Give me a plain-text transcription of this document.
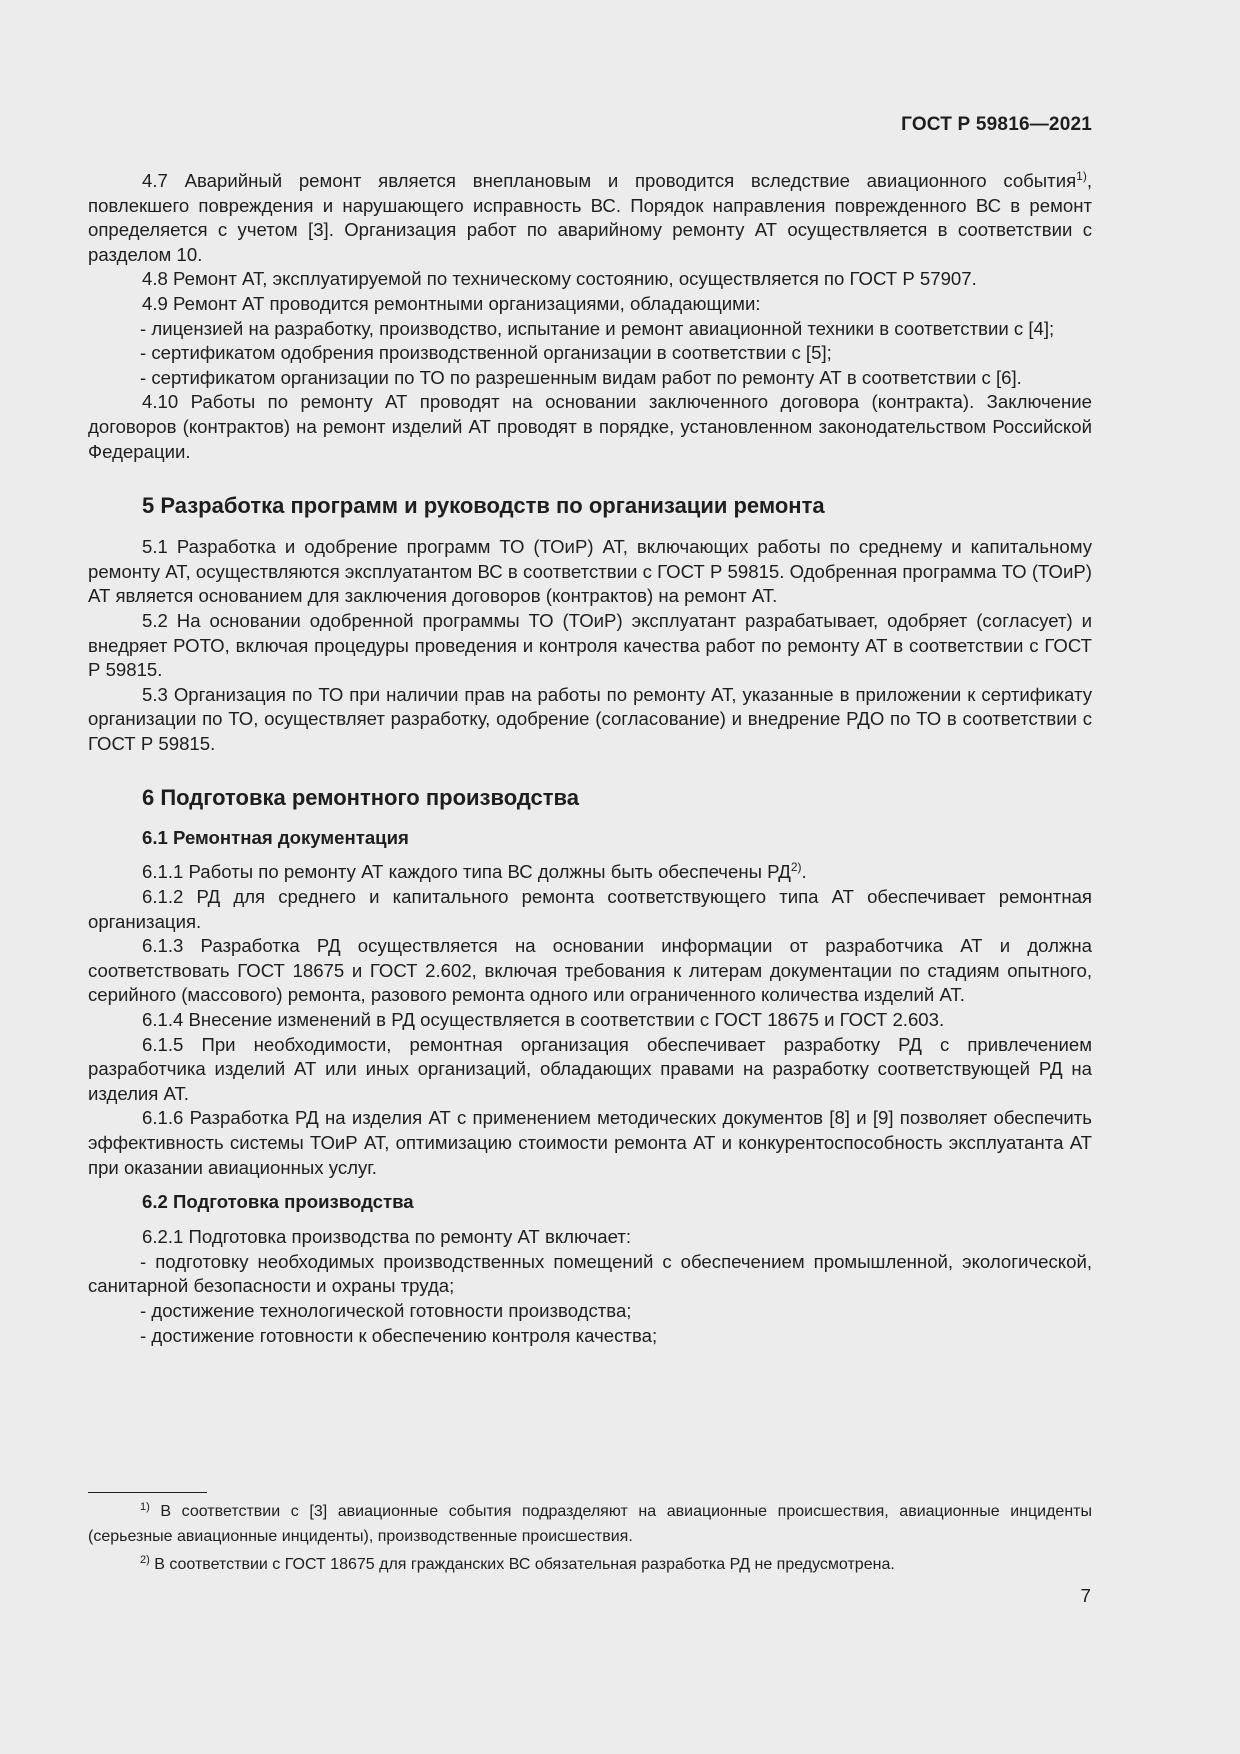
ГОСТ Р 59816—2021

4.7 Аварийный ремонт является внеплановым и проводится вследствие авиационного события$^{1)}$, повлекшего повреждения и нарушающего исправность ВС. Порядок направления поврежденного ВС в ремонт определяется с учетом [3]. Организация работ по аварийному ремонту АТ осуществляется в соответствии с разделом 10.

4.8 Ремонт АТ, эксплуатируемой по техническому состоянию, осуществляется по ГОСТ Р 57907.

4.9 Ремонт АТ проводится ремонтными организациями, обладающими:

- лицензией на разработку, производство, испытание и ремонт авиационной техники в соответствии с [4];

- сертификатом одобрения производственной организации в соответствии с [5];

- сертификатом организации по ТО по разрешенным видам работ по ремонту АТ в соответствии с [6].

4.10 Работы по ремонту АТ проводят на основании заключенного договора (контракта). Заключение договоров (контрактов) на ремонт изделий АТ проводят в порядке, установленном законодательством Российской Федерации.

5 Разработка программ и руководств по организации ремонта

5.1 Разработка и одобрение программ ТО (ТОиР) АТ, включающих работы по среднему и капитальному ремонту АТ, осуществляются эксплуатантом ВС в соответствии с ГОСТ Р 59815. Одобренная программа ТО (ТОиР) АТ является основанием для заключения договоров (контрактов) на ремонт АТ.

5.2 На основании одобренной программы ТО (ТОиР) эксплуатант разрабатывает, одобряет (согласует) и внедряет РОТО, включая процедуры проведения и контроля качества работ по ремонту АТ в соответствии с ГОСТ Р 59815.

5.3 Организация по ТО при наличии прав на работы по ремонту АТ, указанные в приложении к сертификату организации по ТО, осуществляет разработку, одобрение (согласование) и внедрение РДО по ТО в соответствии с ГОСТ Р 59815.

6 Подготовка ремонтного производства
6.1 Ремонтная документация

6.1.1 Работы по ремонту АТ каждого типа ВС должны быть обеспечены РД$^{2)}$.

6.1.2 РД для среднего и капитального ремонта соответствующего типа АТ обеспечивает ремонтная организация.

6.1.3 Разработка РД осуществляется на основании информации от разработчика АТ и должна соответствовать ГОСТ 18675 и ГОСТ 2.602, включая требования к литерам документации по стадиям опытного, серийного (массового) ремонта, разового ремонта одного или ограниченного количества изделий АТ.

6.1.4 Внесение изменений в РД осуществляется в соответствии с ГОСТ 18675 и ГОСТ 2.603.

6.1.5 При необходимости, ремонтная организация обеспечивает разработку РД с привлечением разработчика изделий АТ или иных организаций, обладающих правами на разработку соответствующей РД на изделия АТ.

6.1.6 Разработка РД на изделия АТ с применением методических документов [8] и [9] позволяет обеспечить эффективность системы ТОиР АТ, оптимизацию стоимости ремонта АТ и конкурентоспособность эксплуатанта АТ при оказании авиационных услуг.

6.2 Подготовка производства

6.2.1 Подготовка производства по ремонту АТ включает:

- подготовку необходимых производственных помещений с обеспечением промышленной, экологической, санитарной безопасности и охраны труда;

- достижение технологической готовности производства;

- достижение готовности к обеспечению контроля качества;

$^{1)}$ В соответствии с [3] авиационные события подразделяют на авиационные происшествия, авиационные инциденты (серьезные авиационные инциденты), производственные происшествия.

$^{2)}$ В соответствии с ГОСТ 18675 для гражданских ВС обязательная разработка РД не предусмотрена.

7
